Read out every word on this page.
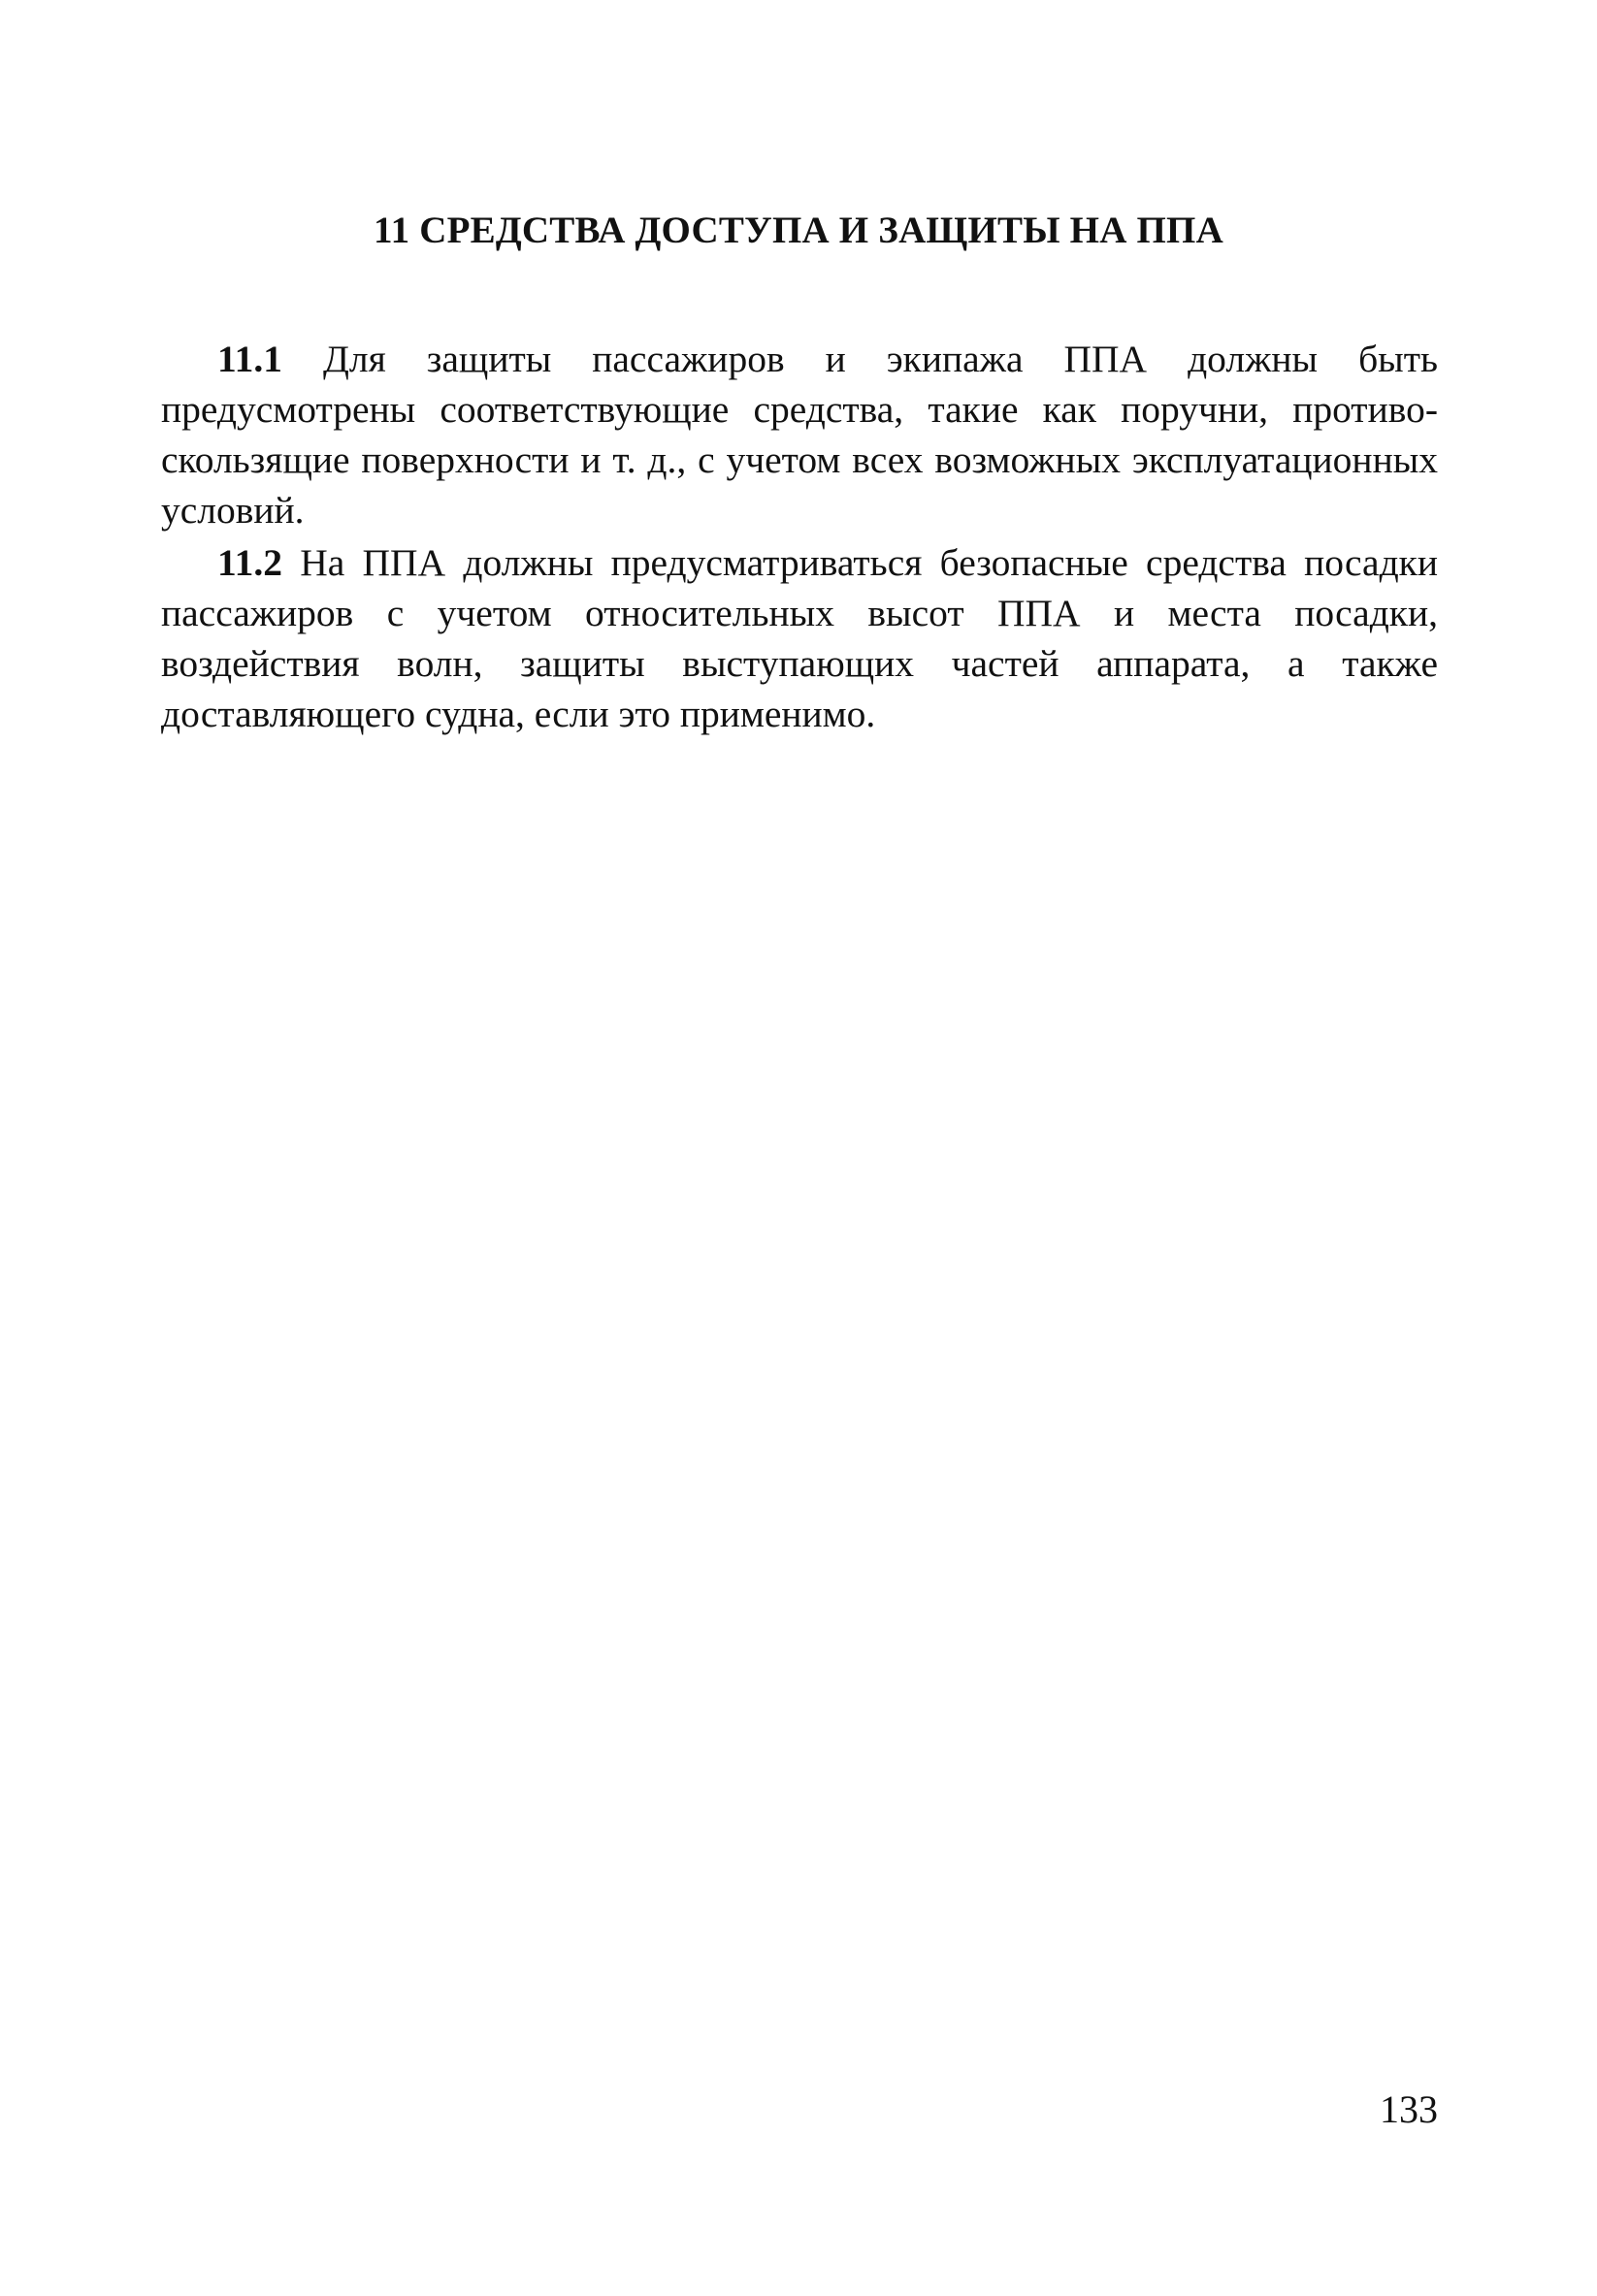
11 СРЕДСТВА ДОСТУПА И ЗАЩИТЫ НА ППА

11.1 Для защиты пассажиров и экипажа ППА должны быть предусмотрены соответствующие средства, такие как поручни, противоскользящие поверхности и т. д., с учетом всех возможных эксплуатационных условий.

11.2 На ППА должны предусматриваться безопасные средства посадки пассажиров с учетом относительных высот ППА и места посадки, воздействия волн, защиты выступающих частей аппарата, а также доставляющего судна, если это применимо.

133
